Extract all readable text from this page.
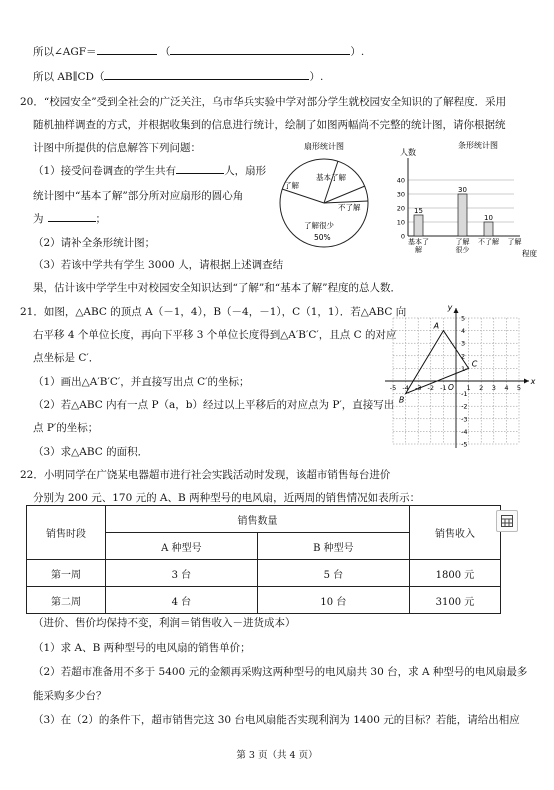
所以∠AGF＝	（	）.
所以 AB∥CD（	）.
20．“校园安全”受到全社会的广泛关注，乌市华兵实验中学对部分学生就校园安全知识的了解程度．采用
随机抽样调查的方式，并根据收集到的信息进行统计，绘制了如图两幅尚不完整的统计图，请你根据统
计图中所提供的信息解答下列问题：
（1）接受问卷调查的学生共有	人，扇形
统计图中“基本了解”部分所对应扇形的圆心角
为	；
（2）请补全条形统计图；
（3）若该中学共有学生 3000 人，请根据上述调查结
果，估计该中学学生中对校园安全知识达到“了解”和“基本了解”程度的总人数．
扇形统计图
基本了解
了解
不了解
了解很少
50%
人数
条形统计图
程度
0
10
20
30
40
15
基本了
解
30
了解
很少
10
不了解 了解
21．如图，△ABC 的顶点 A（－1，4），B（－4，－1），C（1，1）．若△ABC 向
右平移 4 个单位长度，再向下平移 3 个单位长度得到△A′B′C′，且点 C 的对应
点坐标是 C′．
（1）画出△A′B′C′，并直接写出点 C′的坐标；
（2）若△ABC 内有一点 P（a，b）经过以上平移后的对应点为 P′，直接写出
点 P′的坐标；
（3）求△ABC 的面积．
x
y
O
-5 -4 -3 -2 -1	1 2 3 4 5
5
4
3
2
1
-1
-2
-3
-4
-5
A
B
C
22．小明同学在广饶某电器超市进行社会实践活动时发现，该超市销售每台进价
分别为 200 元、170 元的 A、B 两种型号的电风扇，近两周的销售情况如表所示：
销售时段	销售数量		销售收入
	A 种型号	B 种型号	
第一周	3 台	5 台	1800 元
第二周	4 台	10 台	3100 元
（进价、售价均保持不变，利润＝销售收入－进货成本）
（1）求 A、B 两种型号的电风扇的销售单价；
（2）若超市准备用不多于 5400 元的金额再采购这两种型号的电风扇共 30 台，求 A 种型号的电风扇最多
能采购多少台？
（3）在（2）的条件下，超市销售完这 30 台电风扇能否实现利润为 1400 元的目标？若能，请给出相应
第 3 页（共 4 页）
